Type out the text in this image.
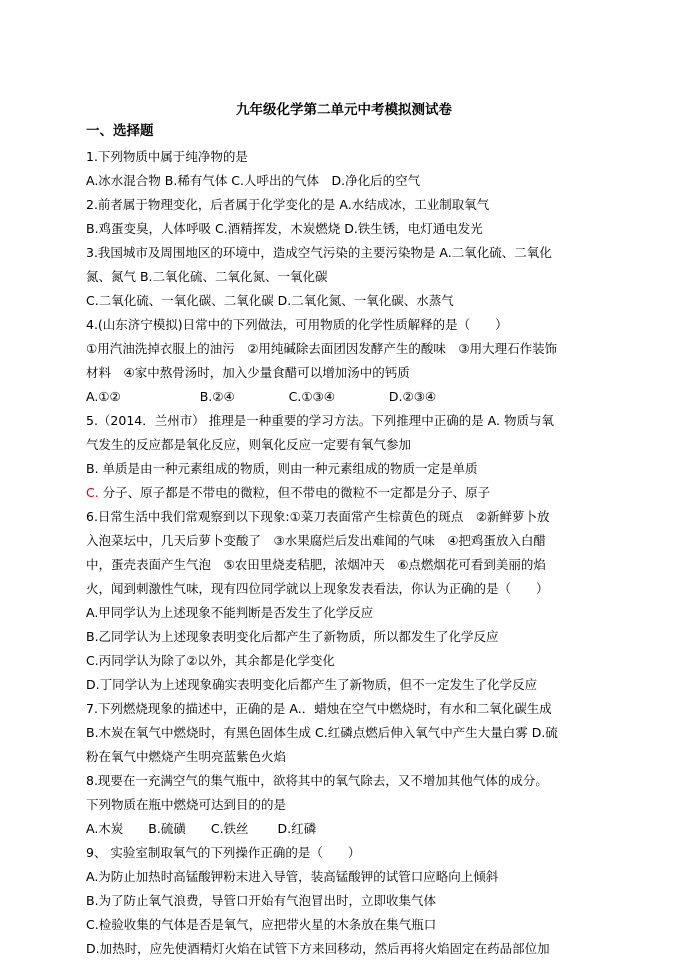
九年级化学第二单元中考模拟测试卷
一、选择题
1.下列物质中属于纯净物的是
A.冰水混合物 B.稀有气体 C.人呼出的气体　D.净化后的空气
2.前者属于物理变化，后者属于化学变化的是 A.水结成冰，工业制取氧气
B.鸡蛋变臭，人体呼吸 C.酒精挥发，木炭燃烧 D.铁生锈，电灯通电发光
3.我国城市及周围地区的环境中，造成空气污染的主要污染物是 A.二氧化硫、二氧化
氮、氮气 B.二氧化硫、二氧化氮、一氧化碳
C.二氧化硫、一氧化碳、二氧化碳 D.二氧化氮、一氧化碳、水蒸气
4.(山东济宁模拟)日常中的下列做法，可用物质的化学性质解释的是（　　）
①用汽油洗掉衣服上的油污　②用纯碱除去面团因发酵产生的酸味　③用大理石作装饰
材料　④家中熬骨汤时，加入少量食醋可以增加汤中的钙质
A.①②　　　　　　 B.②④　　　　 C.①③④　　　　 D.②③④
5.（2014．兰州市） 推理是一种重要的学习方法。下列推理中正确的是 A. 物质与氧
气发生的反应都是氧化反应，则氧化反应一定要有氧气参加
B. 单质是由一种元素组成的物质，则由一种元素组成的物质一定是单质
C. 分子、原子都是不带电的微粒，但不带电的微粒不一定都是分子、原子
6.日常生活中我们常观察到以下现象:①菜刀表面常产生棕黄色的斑点　②新鲜萝卜放
入泡菜坛中，几天后萝卜变酸了　③水果腐烂后发出难闻的气味　④把鸡蛋放入白醋
中，蛋壳表面产生气泡　⑤农田里烧麦秸肥，浓烟冲天　⑥点燃烟花可看到美丽的焰
火，闻到刺激性气味，现有四位同学就以上现象发表看法，你认为正确的是（　　）
A.甲同学认为上述现象不能判断是否发生了化学反应
B.乙同学认为上述现象表明变化后都产生了新物质，所以都发生了化学反应
C.丙同学认为除了②以外，其余都是化学变化
D.丁同学认为上述现象确实表明变化后都产生了新物质，但不一定发生了化学反应
7.下列燃烧现象的描述中，正确的是 A.．蜡烛在空气中燃烧时，有水和二氧化碳生成
B.木炭在氧气中燃烧时，有黑色固体生成 C.红磷点燃后伸入氧气中产生大量白雾 D.硫
粉在氧气中燃烧产生明亮蓝紫色火焰
8.现要在一充满空气的集气瓶中，欲将其中的氧气除去，又不增加其他气体的成分。
下列物质在瓶中燃烧可达到目的的是
A.木炭　　B.硫磺　　C.铁丝　　 D.红磷
9、 实验室制取氧气的下列操作正确的是（　　）
A.为防止加热时高锰酸钾粉末进入导管，装高锰酸钾的试管口应略向上倾斜
B.为了防止氧气浪费，导管口开始有气泡冒出时，立即收集气体
C.检验收集的气体是否是氧气，应把带火星的木条放在集气瓶口
D.加热时，应先使酒精灯火焰在试管下方来回移动，然后再将火焰固定在药品部位加
